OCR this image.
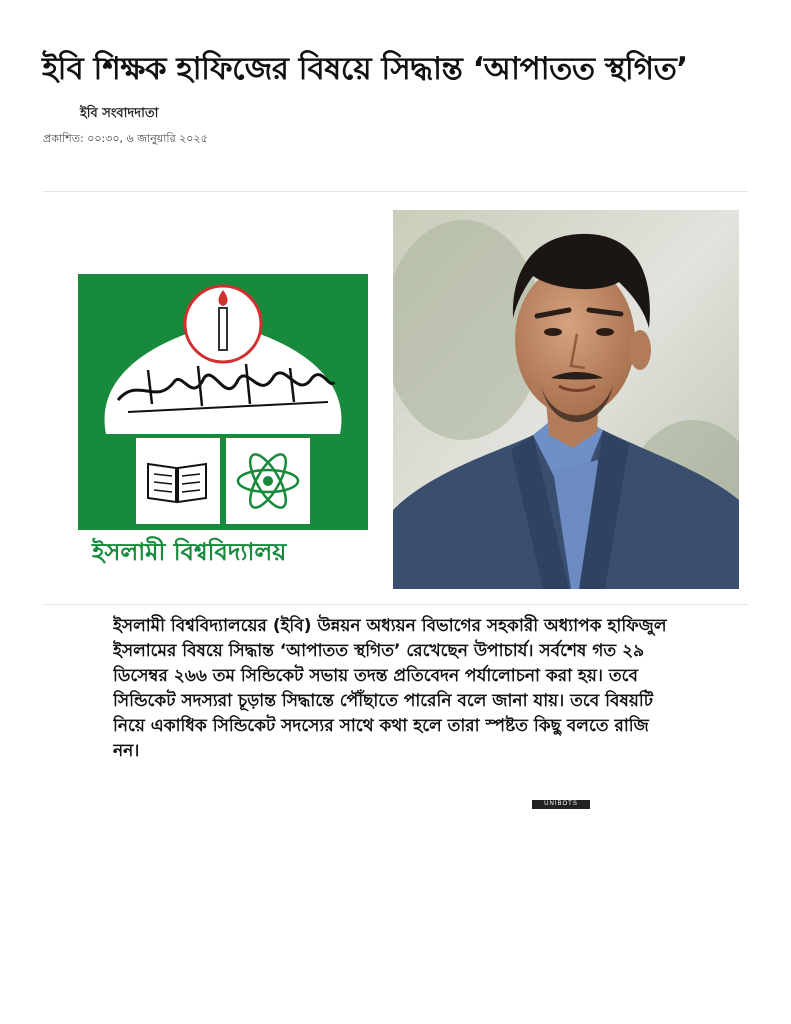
ইবি শিক্ষক হাফিজের বিষয়ে সিদ্ধান্ত ‘আপাতত স্থগিত’
ইবি সংবাদদাতা
প্রকাশিত: ০০:৩০, ৬ জানুয়ারি ২০২৫
ইসলামী বিশ্ববিদ্যালয়
ইসলামী বিশ্ববিদ্যালয়ের (ইবি) উন্নয়ন অধ্যয়ন বিভাগের সহকারী অধ্যাপক হাফিজুল
ইসলামের বিষয়ে সিদ্ধান্ত ‘আপাতত স্থগিত’ রেখেছেন উপাচার্য। সর্বশেষ গত ২৯
ডিসেম্বর ২৬৬ তম সিন্ডিকেট সভায় তদন্ত প্রতিবেদন পর্যালোচনা করা হয়। তবে
সিন্ডিকেট সদস্যরা চূড়ান্ত সিদ্ধান্তে পৌঁছাতে পারেনি বলে জানা যায়। তবে বিষয়টি
নিয়ে একাধিক সিন্ডিকেট সদস্যের সাথে কথা হলে তারা স্পষ্টত কিছু বলতে রাজি
নন।
UNIBOTS
